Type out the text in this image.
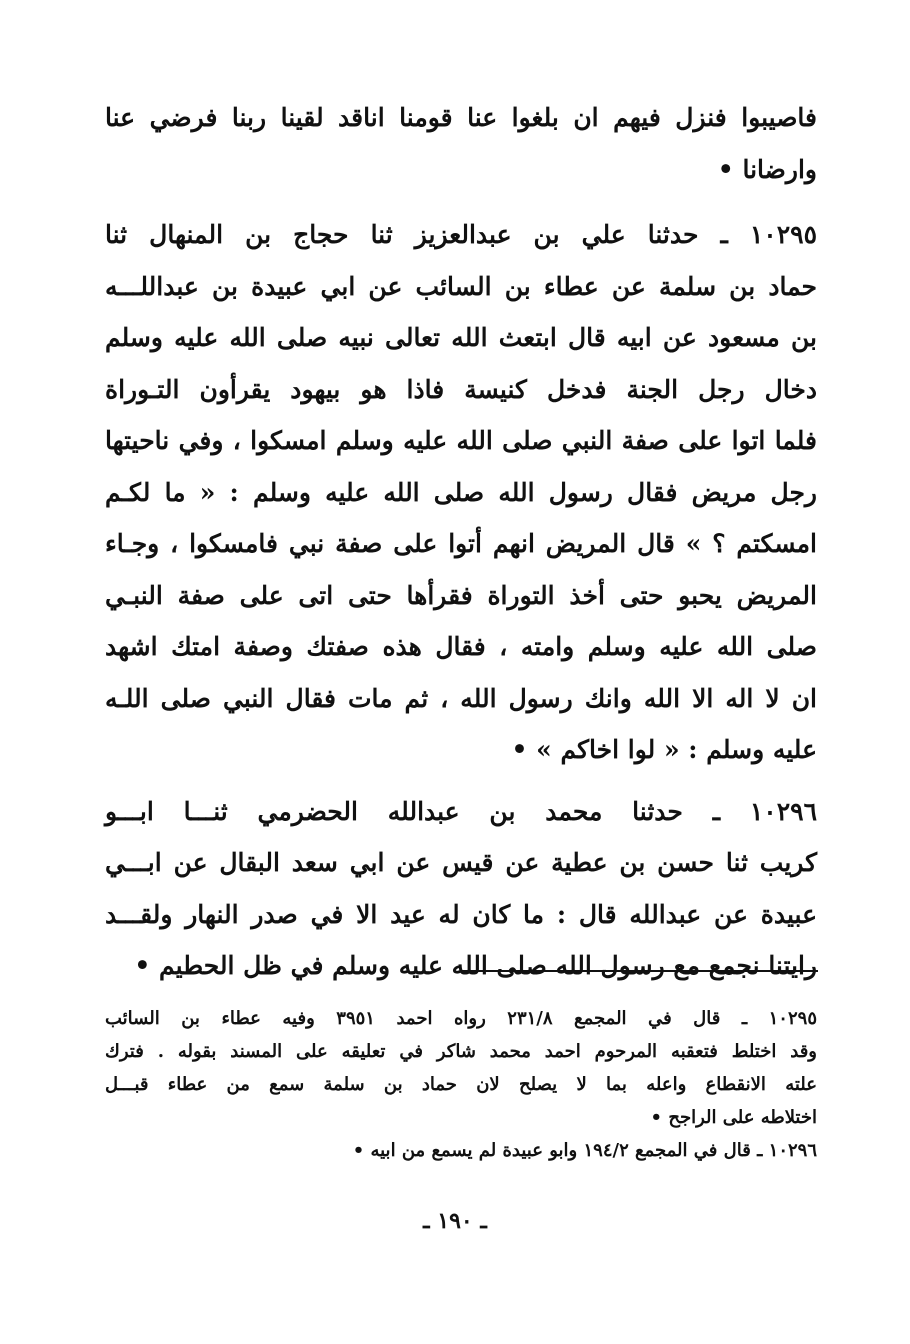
فاصيبوا فنزل فيهم ان بلغوا عنا قومنا اناقد لقينا ربنا فرضي عنا
وارضانا •
١٠٢٩٥ ـ حدثنا علي بن عبدالعزيز ثنا حجاج بن المنهال ثنا
حماد بن سلمة عن عطاء بن السائب عن ابي عبيدة بن عبداللـــه
بن مسعود عن ابيه قال ابتعث الله تعالى نبيه صلى الله عليه وسلم
دخال رجل الجنة فدخل كنيسة فاذا هو بيهود يقرأون التـوراة
فلما اتوا على صفة النبي صلى الله عليه وسلم امسكوا ، وفي ناحيتها
رجل مريض فقال رسول الله صلى الله عليه وسلم : « ما لكـم
امسكتم ؟ » قال المريض انهم أتوا على صفة نبي فامسكوا ، وجـاء
المريض يحبو حتى أخذ التوراة فقرأها حتى اتى على صفة النبـي
صلى الله عليه وسلم وامته ، فقال هذه صفتك وصفة امتك اشهد
ان لا اله الا الله وانك رسول الله ، ثم مات فقال النبي صلى اللـه
عليه وسلم : « لوا اخاكم » •
١٠٢٩٦ ـ حدثنا محمد بن عبدالله الحضرمي ثنـــا ابـــو
كريب ثنا حسن بن عطية عن قيس عن ابي سعد البقال عن ابـــي
عبيدة عن عبدالله قال : ما كان له عيد الا في صدر النهار ولقـــد
رايتنا نجمع مع رسول الله صلى الله عليه وسلم في ظل الحطيم •
١٠٢٩٥ ـ قال في المجمع ٢٣١/٨ رواه احمد ٣٩٥١ وفيه عطاء بن السائب
وقد اختلط فتعقبه المرحوم احمد محمد شاكر في تعليقه على المسند بقوله . فترك
علته الانقطاع واعله بما لا يصلح لان حماد بن سلمة سمع من عطاء قبـــل
اختلاطه على الراجح •
١٠٢٩٦ ـ قال في المجمع ١٩٤/٢ وابو عبيدة لم يسمع من ابيه •
ـ ١٩٠ ـ
